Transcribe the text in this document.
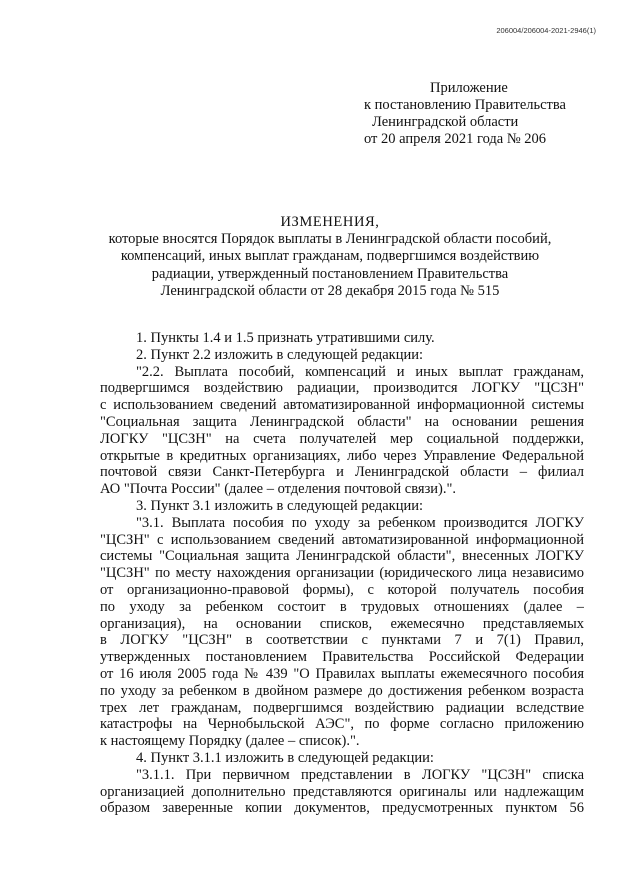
206004/206004-2021-2946(1)
Приложение
к постановлению Правительства
Ленинградской области
от 20 апреля 2021 года № 206
ИЗМЕНЕНИЯ,
которые вносятся Порядок выплаты в Ленинградской области пособий,
компенсаций, иных выплат гражданам, подвергшимся воздействию
радиации, утвержденный постановлением Правительства
Ленинградской области от 28 декабря 2015 года № 515
1. Пункты 1.4 и 1.5 признать утратившими силу.
2. Пункт 2.2 изложить в следующей редакции:
"2.2. Выплата пособий, компенсаций и иных выплат гражданам,
подвергшимся воздействию радиации, производится ЛОГКУ "ЦСЗН"
с использованием сведений автоматизированной информационной системы
"Социальная защита Ленинградской области" на основании решения
ЛОГКУ "ЦСЗН" на счета получателей мер социальной поддержки,
открытые в кредитных организациях, либо через Управление Федеральной
почтовой связи Санкт-Петербурга и Ленинградской области – филиал
АО "Почта России" (далее – отделения почтовой связи).".
3. Пункт 3.1 изложить в следующей редакции:
"3.1. Выплата пособия по уходу за ребенком производится ЛОГКУ
"ЦСЗН" с использованием сведений автоматизированной информационной
системы "Социальная защита Ленинградской области", внесенных ЛОГКУ
"ЦСЗН" по месту нахождения организации (юридического лица независимо
от организационно-правовой формы), с которой получатель пособия
по уходу за ребенком состоит в трудовых отношениях (далее –
организация), на основании списков, ежемесячно представляемых
в ЛОГКУ "ЦСЗН" в соответствии с пунктами 7 и 7(1) Правил,
утвержденных постановлением Правительства Российской Федерации
от 16 июля 2005 года № 439 "О Правилах выплаты ежемесячного пособия
по уходу за ребенком в двойном размере до достижения ребенком возраста
трех лет гражданам, подвергшимся воздействию радиации вследствие
катастрофы на Чернобыльской АЭС", по форме согласно приложению
к настоящему Порядку (далее – список).".
4. Пункт 3.1.1 изложить в следующей редакции:
"3.1.1. При первичном представлении в ЛОГКУ "ЦСЗН" списка
организацией дополнительно представляются оригиналы или надлежащим
образом заверенные копии документов, предусмотренных пунктом 56
